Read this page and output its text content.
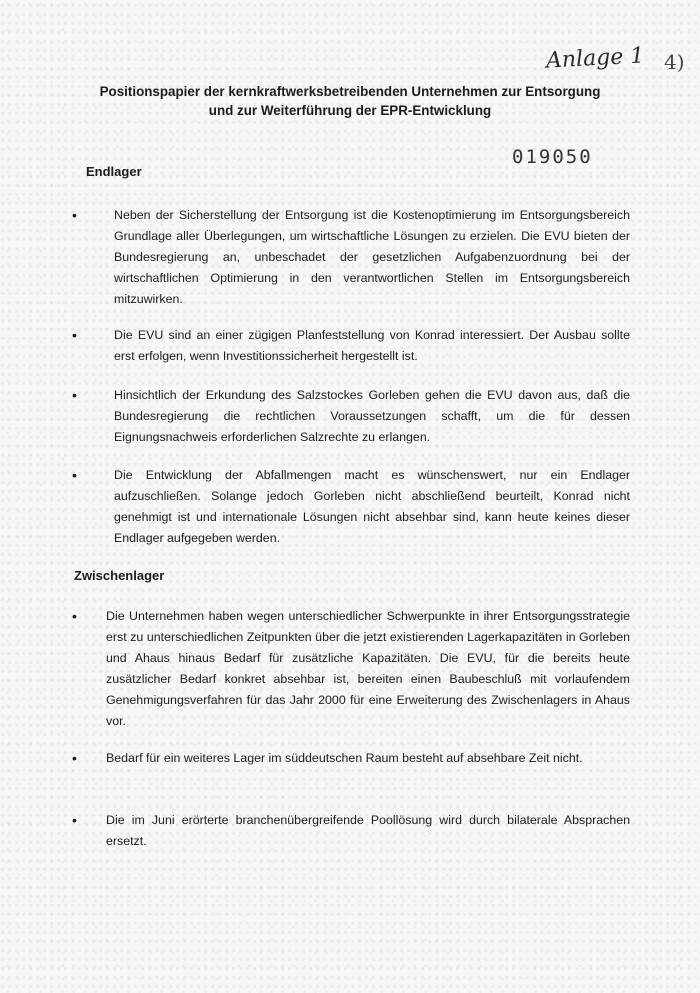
Anlage 1 4)
Positionspapier der kernkraftwerksbetreibenden Unternehmen zur Entsorgung
und zur Weiterführung der EPR-Entwicklung
019050
Endlager
•	Neben der Sicherstellung der Entsorgung ist die Kostenoptimierung im Entsorgungsbereich Grundlage aller Überlegungen, um wirtschaftliche Lösungen zu erzielen. Die EVU bieten der Bundesregierung an, unbeschadet der gesetzlichen Aufgabenzuordnung bei der wirtschaftlichen Optimierung in den verantwortlichen Stellen im Entsorgungsbereich mitzuwirken.

•	Die EVU sind an einer zügigen Planfeststellung von Konrad interessiert. Der Ausbau sollte erst erfolgen, wenn Investitionssicherheit hergestellt ist.

•	Hinsichtlich der Erkundung des Salzstockes Gorleben gehen die EVU davon aus, daß die Bundesregierung die rechtlichen Voraussetzungen schafft, um die für dessen Eignungsnachweis erforderlichen Salzrechte zu erlangen.

•	Die Entwicklung der Abfallmengen macht es wünschenswert, nur ein Endlager aufzuschließen. Solange jedoch Gorleben nicht abschließend beurteilt, Konrad nicht genehmigt ist und internationale Lösungen nicht absehbar sind, kann heute keines dieser Endlager aufgegeben werden.

Zwischenlager
• Die Unternehmen haben wegen unterschiedlicher Schwerpunkte in ihrer Entsorgungsstrategie erst zu unterschiedlichen Zeitpunkten über die jetzt existierenden Lagerkapazitäten in Gorleben und Ahaus hinaus Bedarf für zusätzliche Kapazitäten. Die EVU, für die bereits heute zusätzlicher Bedarf konkret absehbar ist, bereiten einen Baubeschluß mit vorlaufendem Genehmigungsverfahren für das Jahr 2000 für eine Erweiterung des Zwischenlagers in Ahaus vor.

• Bedarf für ein weiteres Lager im süddeutschen Raum besteht auf absehbare Zeit nicht.

• Die im Juni erörterte branchenübergreifende Poollösung wird durch bilaterale Absprachen ersetzt.
